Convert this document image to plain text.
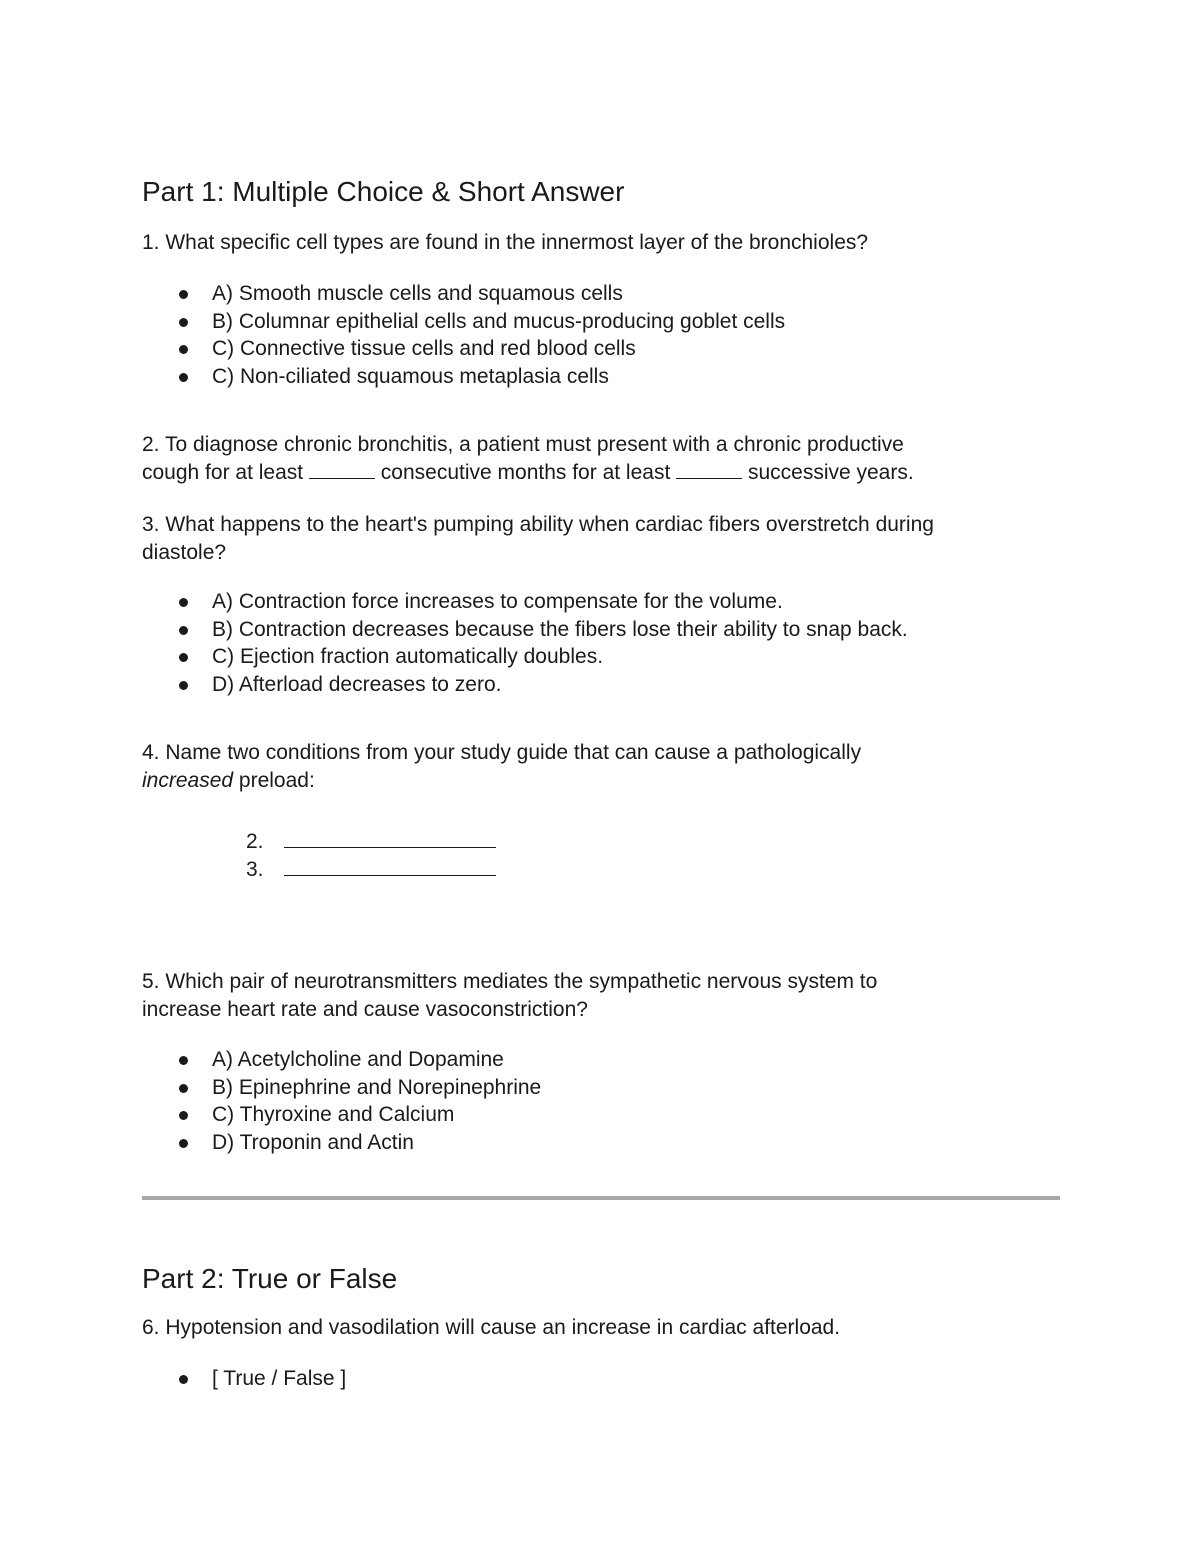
Part 1: Multiple Choice & Short Answer

1. What specific cell types are found in the innermost layer of the bronchioles?

A) Smooth muscle cells and squamous cells
B) Columnar epithelial cells and mucus-producing goblet cells
C) Connective tissue cells and red blood cells
C) Non-ciliated squamous metaplasia cells
2. To diagnose chronic bronchitis, a patient must present with a chronic productive
cough for at least	consecutive months for at least	successive years.
3. What happens to the heart's pumping ability when cardiac fibers overstretch during
diastole?
A) Contraction force increases to compensate for the volume.
B) Contraction decreases because the fibers lose their ability to snap back.
C) Ejection fraction automatically doubles.
D) Afterload decreases to zero.
4. Name two conditions from your study guide that can cause a pathologically
increased preload:
2.
3.
5. Which pair of neurotransmitters mediates the sympathetic nervous system to
increase heart rate and cause vasoconstriction?
A) Acetylcholine and Dopamine
B) Epinephrine and Norepinephrine
C) Thyroxine and Calcium
D) Troponin and Actin
Part 2: True or False

6. Hypotension and vasodilation will cause an increase in cardiac afterload.

[ True / False ]
